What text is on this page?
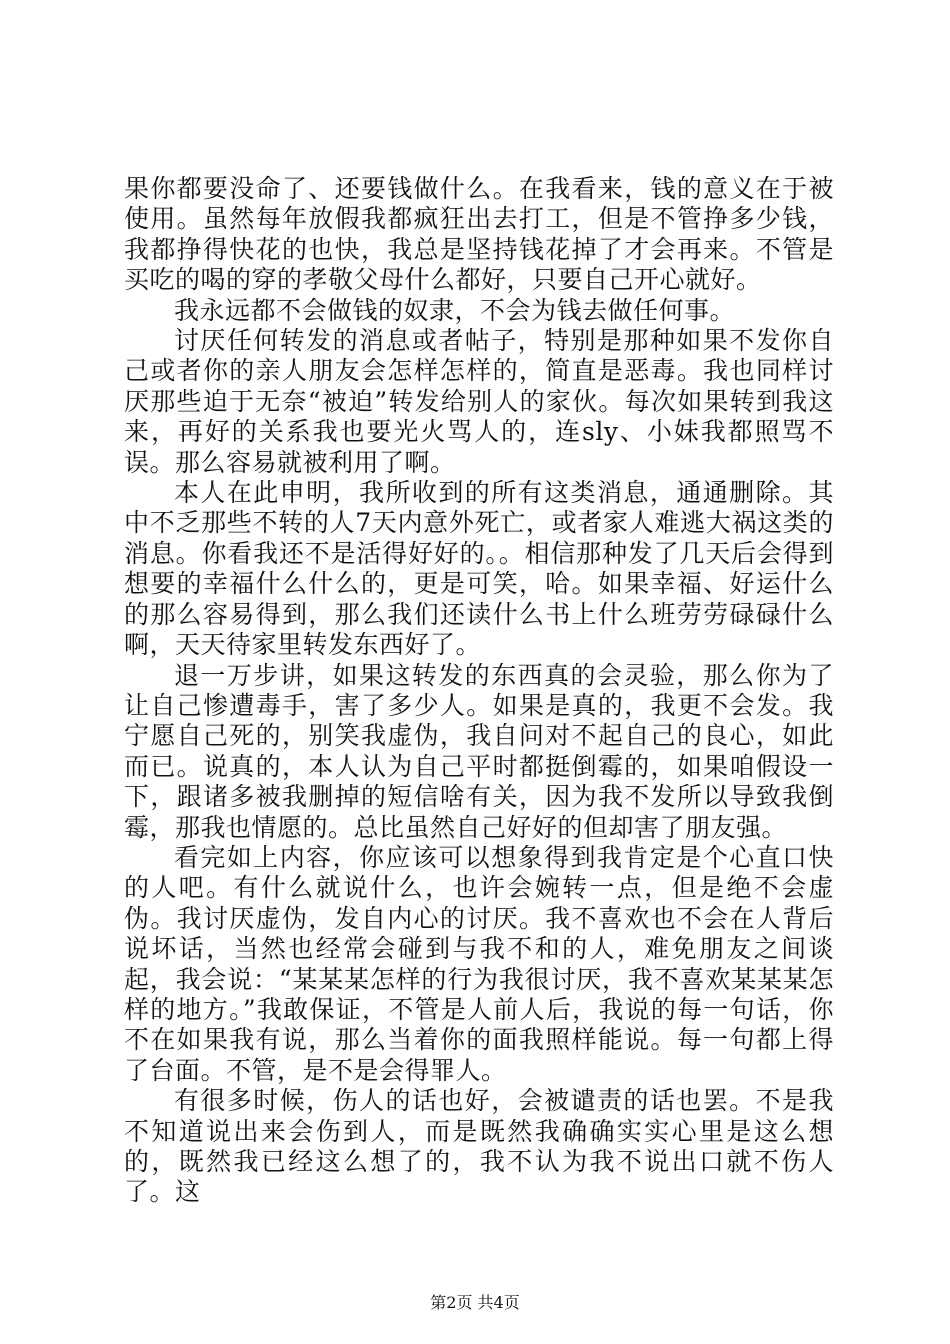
果你都要没命了、还要钱做什么。在我看来，钱的意义在于被使用。虽然每年放假我都疯狂出去打工，但是不管挣多少钱，我都挣得快花的也快，我总是坚持钱花掉了才会再来。不管是买吃的喝的穿的孝敬父母什么都好，只要自己开心就好。

我永远都不会做钱的奴隶，不会为钱去做任何事。

讨厌任何转发的消息或者帖子，特别是那种如果不发你自己或者你的亲人朋友会怎样怎样的，简直是恶毒。我也同样讨厌那些迫于无奈“被迫”转发给别人的家伙。每次如果转到我这来，再好的关系我也要光火骂人的，连sly、小妹我都照骂不误。那么容易就被利用了啊。

本人在此申明，我所收到的所有这类消息，通通删除。其中不乏那些不转的人7天内意外死亡，或者家人难逃大祸这类的消息。你看我还不是活得好好的。。相信那种发了几天后会得到想要的幸福什么什么的，更是可笑，哈。如果幸福、好运什么的那么容易得到，那么我们还读什么书上什么班劳劳碌碌什么啊，天天待家里转发东西好了。

退一万步讲，如果这转发的东西真的会灵验，那么你为了让自己惨遭毒手，害了多少人。如果是真的，我更不会发。我宁愿自己死的，别笑我虚伪，我自问对不起自己的良心，如此而已。说真的，本人认为自己平时都挺倒霉的，如果咱假设一下，跟诸多被我删掉的短信啥有关，因为我不发所以导致我倒霉，那我也情愿的。总比虽然自己好好的但却害了朋友强。

看完如上内容，你应该可以想象得到我肯定是个心直口快的人吧。有什么就说什么，也许会婉转一点，但是绝不会虚伪。我讨厌虚伪，发自内心的讨厌。我不喜欢也不会在人背后说坏话，当然也经常会碰到与我不和的人，难免朋友之间谈起，我会说：“某某某怎样的行为我很讨厌，我不喜欢某某某怎样的地方。”我敢保证，不管是人前人后，我说的每一句话，你不在如果我有说，那么当着你的面我照样能说。每一句都上得了台面。不管，是不是会得罪人。

有很多时候，伤人的话也好，会被谴责的话也罢。不是我不知道说出来会伤到人，而是既然我确确实实心里是这么想的，既然我已经这么想了的，我不认为我不说出口就不伤人了。这

第2页 共4页
